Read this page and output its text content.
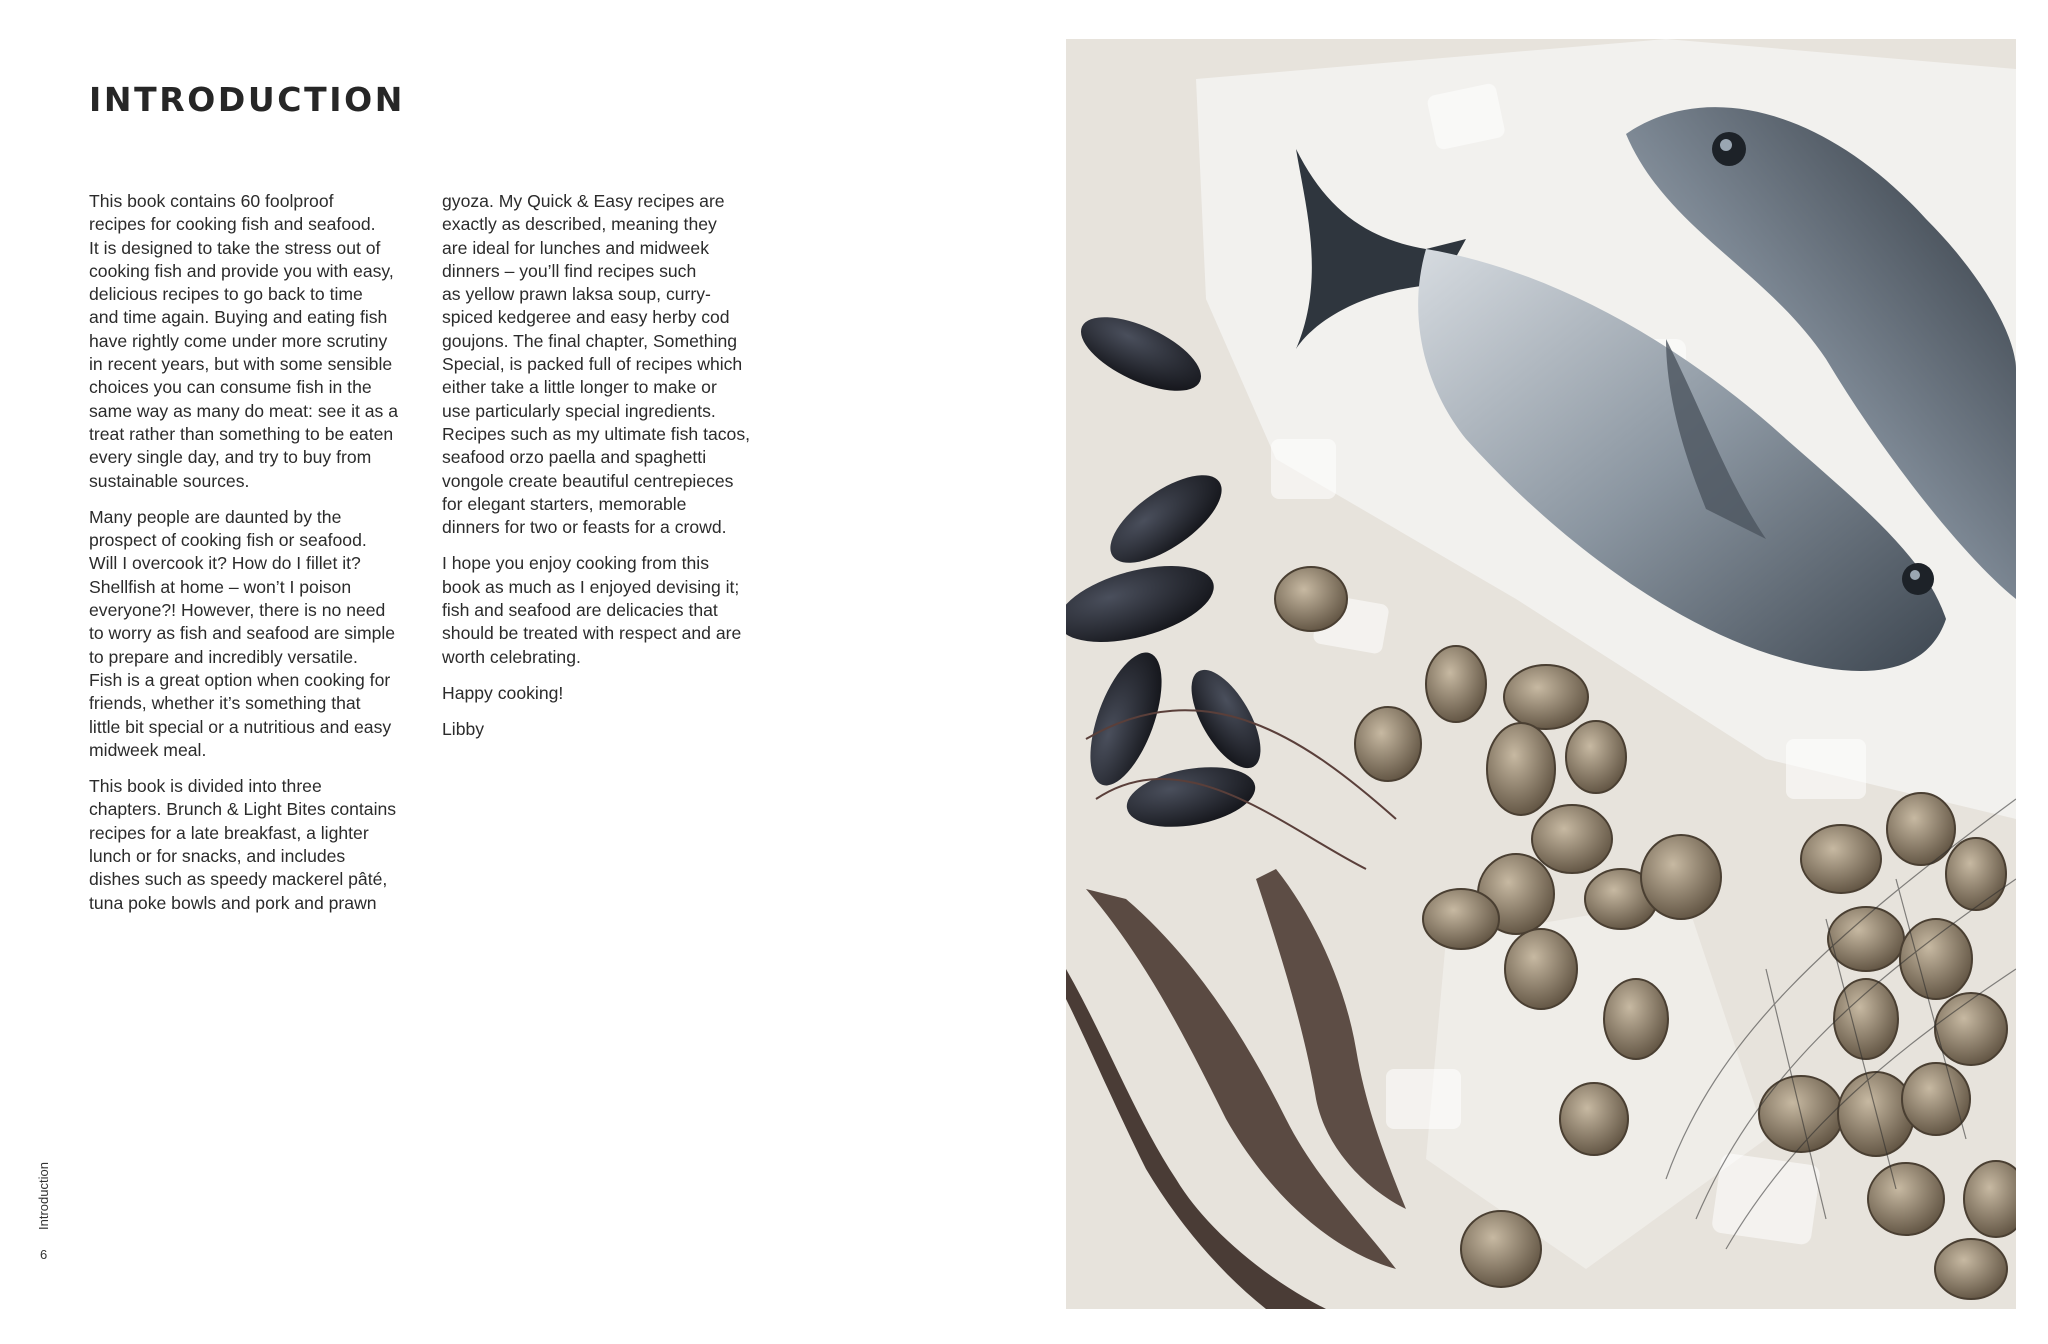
INTRODUCTION

This book contains 60 foolproof
recipes for cooking fish and seafood.
It is designed to take the stress out of
cooking fish and provide you with easy,
delicious recipes to go back to time
and time again. Buying and eating fish
have rightly come under more scrutiny
in recent years, but with some sensible
choices you can consume fish in the
same way as many do meat: see it as a
treat rather than something to be eaten
every single day, and try to buy from
sustainable sources.

Many people are daunted by the
prospect of cooking fish or seafood.
Will I overcook it? How do I fillet it?
Shellfish at home – won’t I poison
everyone?! However, there is no need
to worry as fish and seafood are simple
to prepare and incredibly versatile.
Fish is a great option when cooking for
friends, whether it’s something that
little bit special or a nutritious and easy
midweek meal.

This book is divided into three
chapters. Brunch & Light Bites contains
recipes for a late breakfast, a lighter
lunch or for snacks, and includes
dishes such as speedy mackerel pâté,
tuna poke bowls and pork and prawn

gyoza. My Quick & Easy recipes are
exactly as described, meaning they
are ideal for lunches and midweek
dinners – you’ll find recipes such
as yellow prawn laksa soup, curry-
spiced kedgeree and easy herby cod
goujons. The final chapter, Something
Special, is packed full of recipes which
either take a little longer to make or
use particularly special ingredients.
Recipes such as my ultimate fish tacos,
seafood orzo paella and spaghetti
vongole create beautiful centrepieces
for elegant starters, memorable
dinners for two or feasts for a crowd.

I hope you enjoy cooking from this
book as much as I enjoyed devising it;
fish and seafood are delicacies that
should be treated with respect and are
worth celebrating.

Happy cooking!

Libby

Introduction
6
